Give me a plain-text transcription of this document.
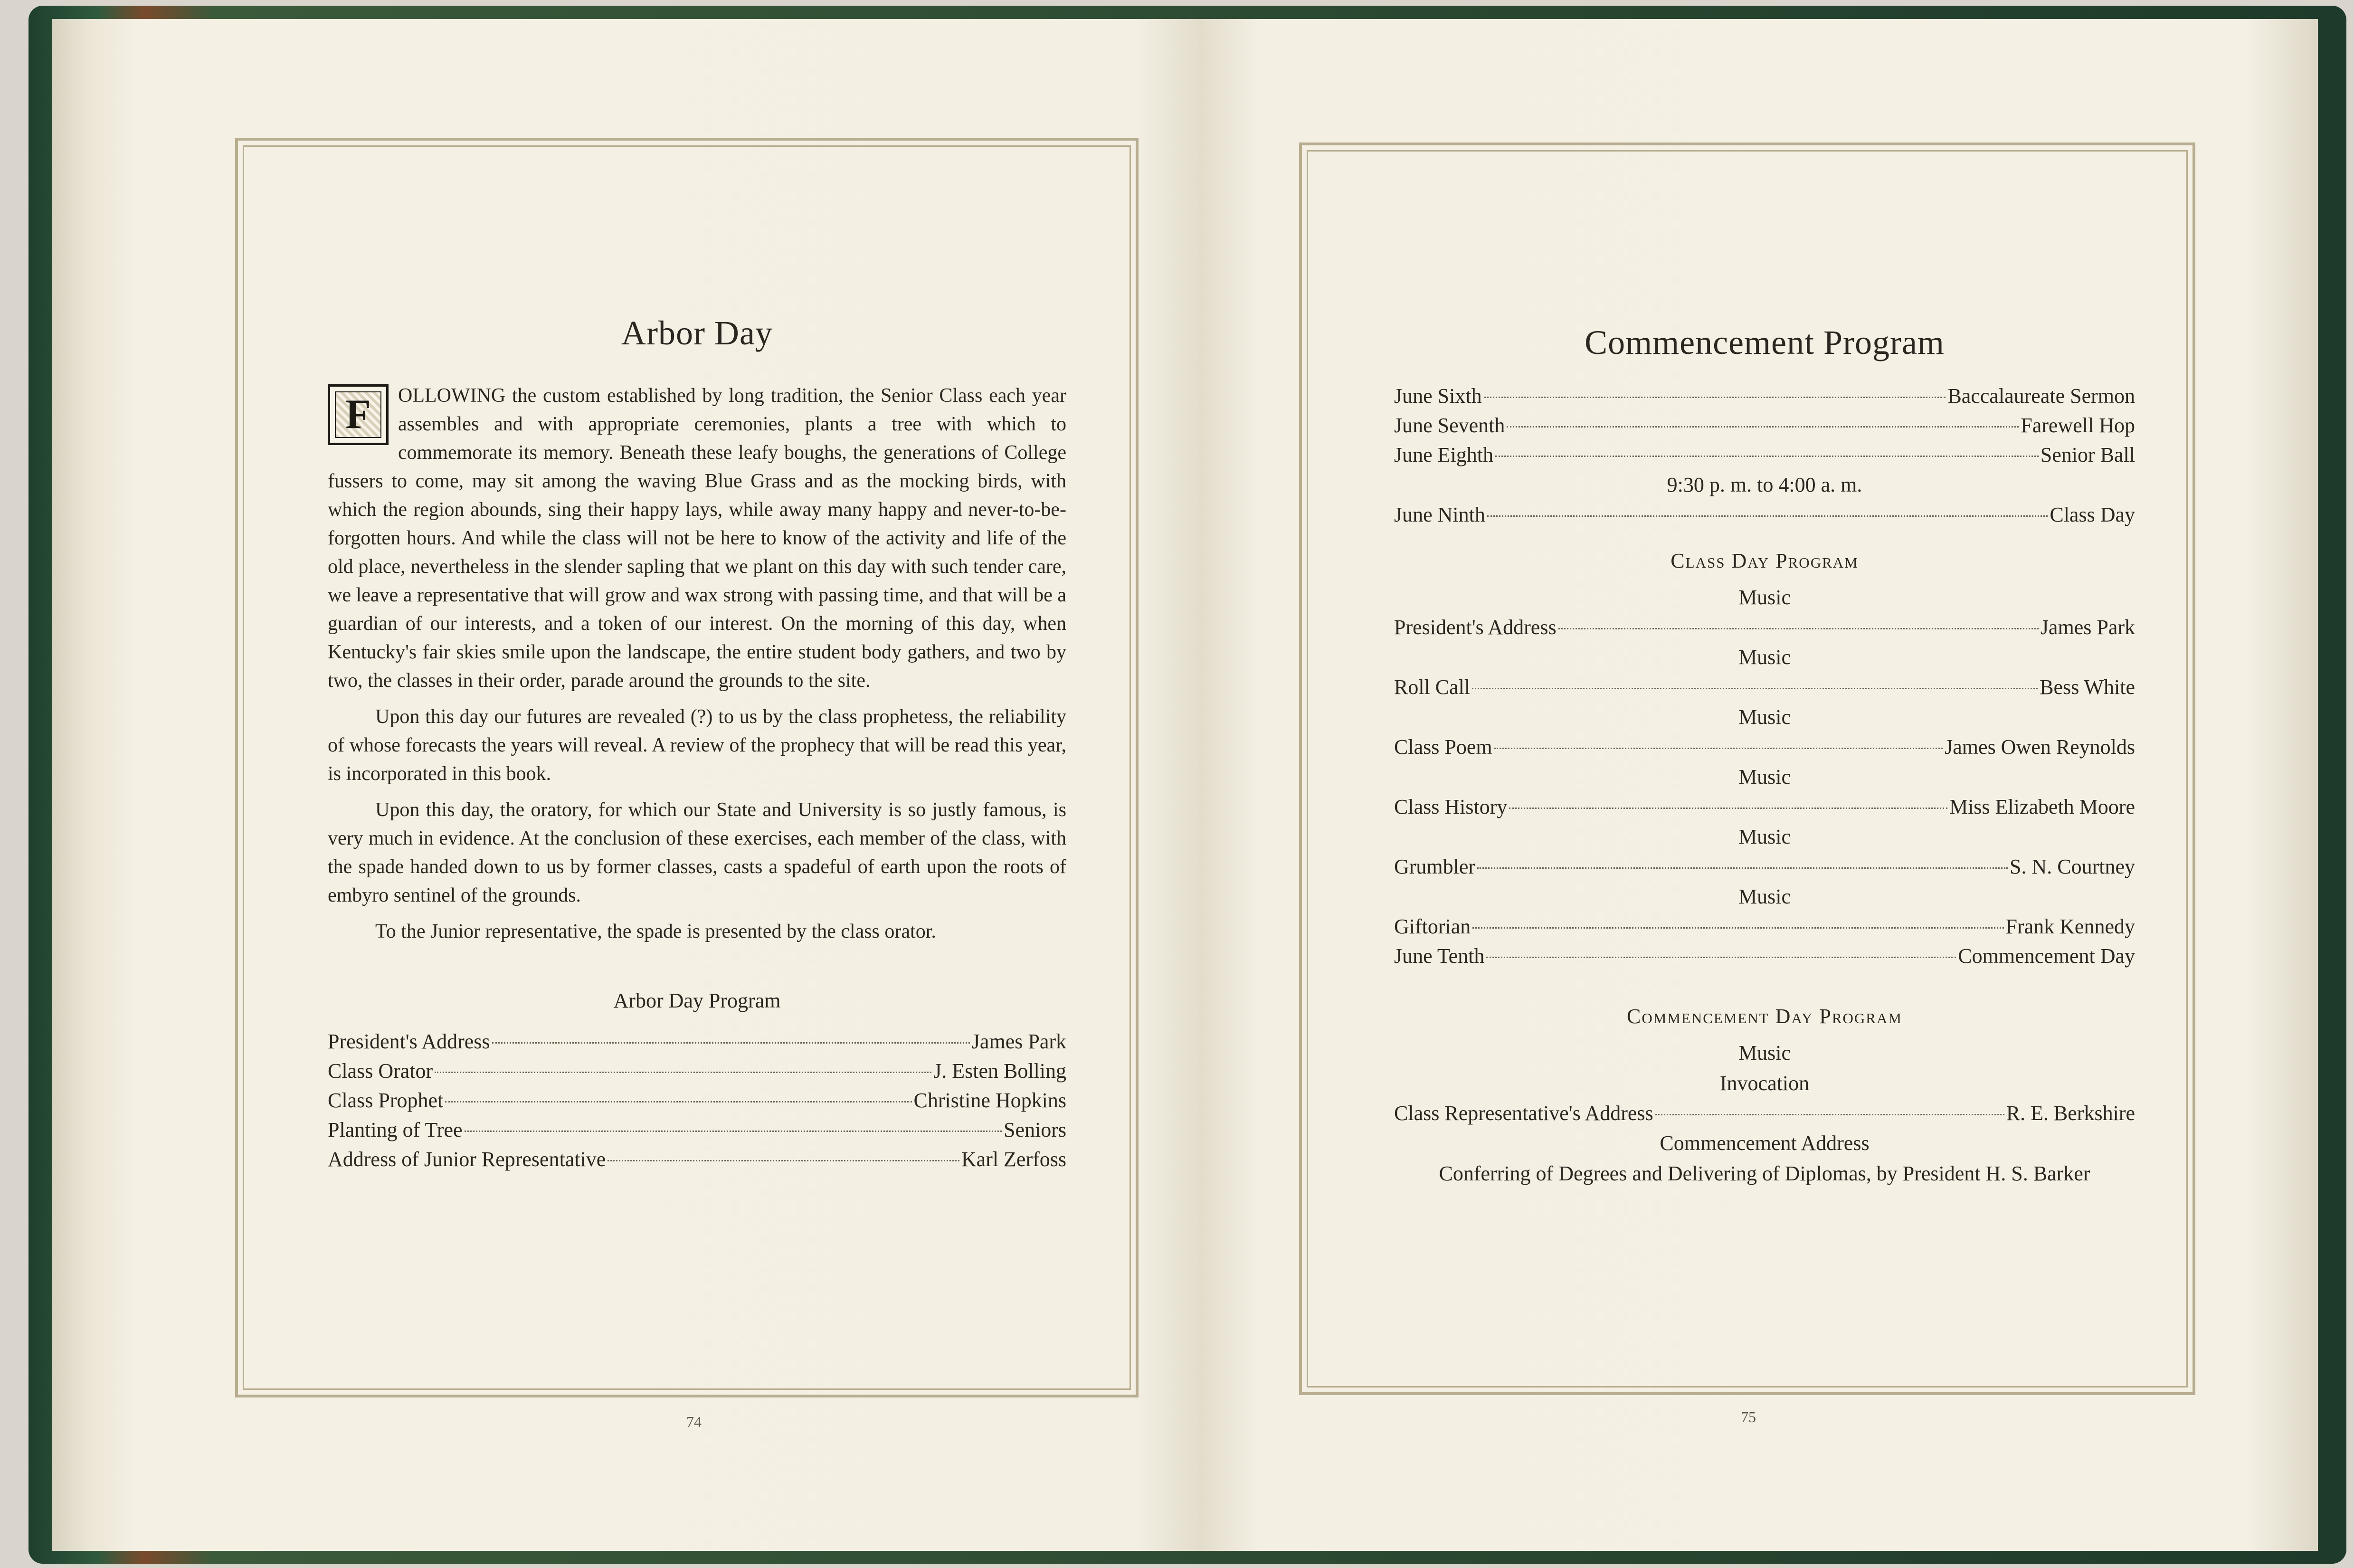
Arbor Day

F	OLLOWING the custom established by long tradition, the Senior Class each year assembles and with appropriate ceremonies, plants a tree with which to commemorate its memory. Beneath these leafy boughs, the generations of College fussers to come, may sit among the waving Blue Grass and as the mocking birds, with which the region abounds, sing their happy lays, while away many happy and never-to-be-forgotten hours. And while the class will not be here to know of the activity and life of the old place, nevertheless in the slender sapling that we plant on this day with such tender care, we leave a representative that will grow and wax strong with passing time, and that will be a guardian of our interests, and a token of our interest. On the morning of this day, when Kentucky's fair skies smile upon the landscape, the entire student body gathers, and two by two, the classes in their order, parade around the grounds to the site.

Upon this day our futures are revealed (?) to us by the class prophetess, the reliability of whose forecasts the years will reveal. A review of the prophecy that will be read this year, is incorporated in this book.

Upon this day, the oratory, for which our State and University is so justly famous, is very much in evidence. At the conclusion of these exercises, each member of the class, with the spade handed down to us by former classes, casts a spadeful of earth upon the roots of embyro sentinel of the grounds.

To the Junior representative, the spade is presented by the class orator.

Arbor Day Program
President's Address	James Park
Class Orator	J. Esten Bolling
Class Prophet	Christine Hopkins
Planting of Tree	Seniors
Address of Junior Representative	Karl Zerfoss
74
Commencement Program
June Sixth	Baccalaureate Sermon
June Seventh	Farewell Hop
June Eighth	Senior Ball
9:30 p. m. to 4:00 a. m.
June Ninth	Class Day
Class Day Program
Music
President's Address	James Park
Music
Roll Call	Bess White
Music
Class Poem	James Owen Reynolds
Music
Class History	Miss Elizabeth Moore
Music
Grumbler	S. N. Courtney
Music
Giftorian	Frank Kennedy
June Tenth	Commencement Day
Commencement Day Program
Music
Invocation
Class Representative's Address	R. E. Berkshire
Commencement Address
Conferring of Degrees and Delivering of Diplomas, by President H. S. Barker
75
